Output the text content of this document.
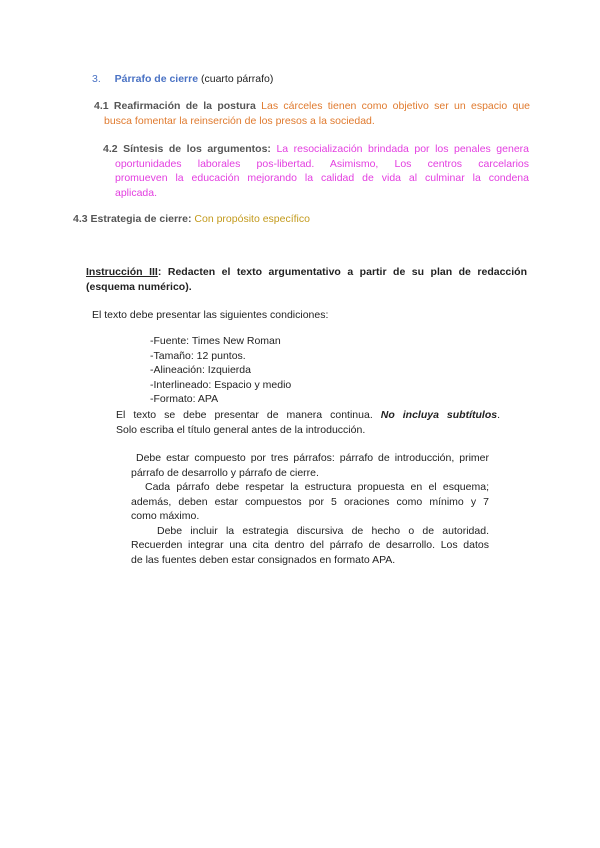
3. Párrafo de cierre (cuarto párrafo)
4.1 Reafirmación de la postura Las cárceles tienen como objetivo ser un espacio que
busca fomentar la reinserción de los presos a la sociedad.
4.2 Síntesis de los argumentos: La resocialización brindada por los penales genera
oportunidades laborales pos-libertad. Asimismo, Los centros carcelarios
promueven la educación mejorando la calidad de vida al culminar la condena
aplicada.
4.3 Estrategia de cierre: Con propósito específico
Instrucción III: Redacten el texto argumentativo a partir de su plan de redacción
(esquema numérico).
El texto debe presentar las siguientes condiciones:
-Fuente: Times New Roman
-Tamaño: 12 puntos.
-Alineación: Izquierda
-Interlineado: Espacio y medio
-Formato: APA
El texto se debe presentar de manera continua. No incluya subtítulos.
Solo escriba el título general antes de la introducción.
Debe estar compuesto por tres párrafos: párrafo de introducción, primer
párrafo de desarrollo y párrafo de cierre.
Cada párrafo debe respetar la estructura propuesta en el esquema;
además, deben estar compuestos por 5 oraciones como mínimo y 7
como máximo.
Debe incluir la estrategia discursiva de hecho o de autoridad.
Recuerden integrar una cita dentro del párrafo de desarrollo. Los datos
de las fuentes deben estar consignados en formato APA.
